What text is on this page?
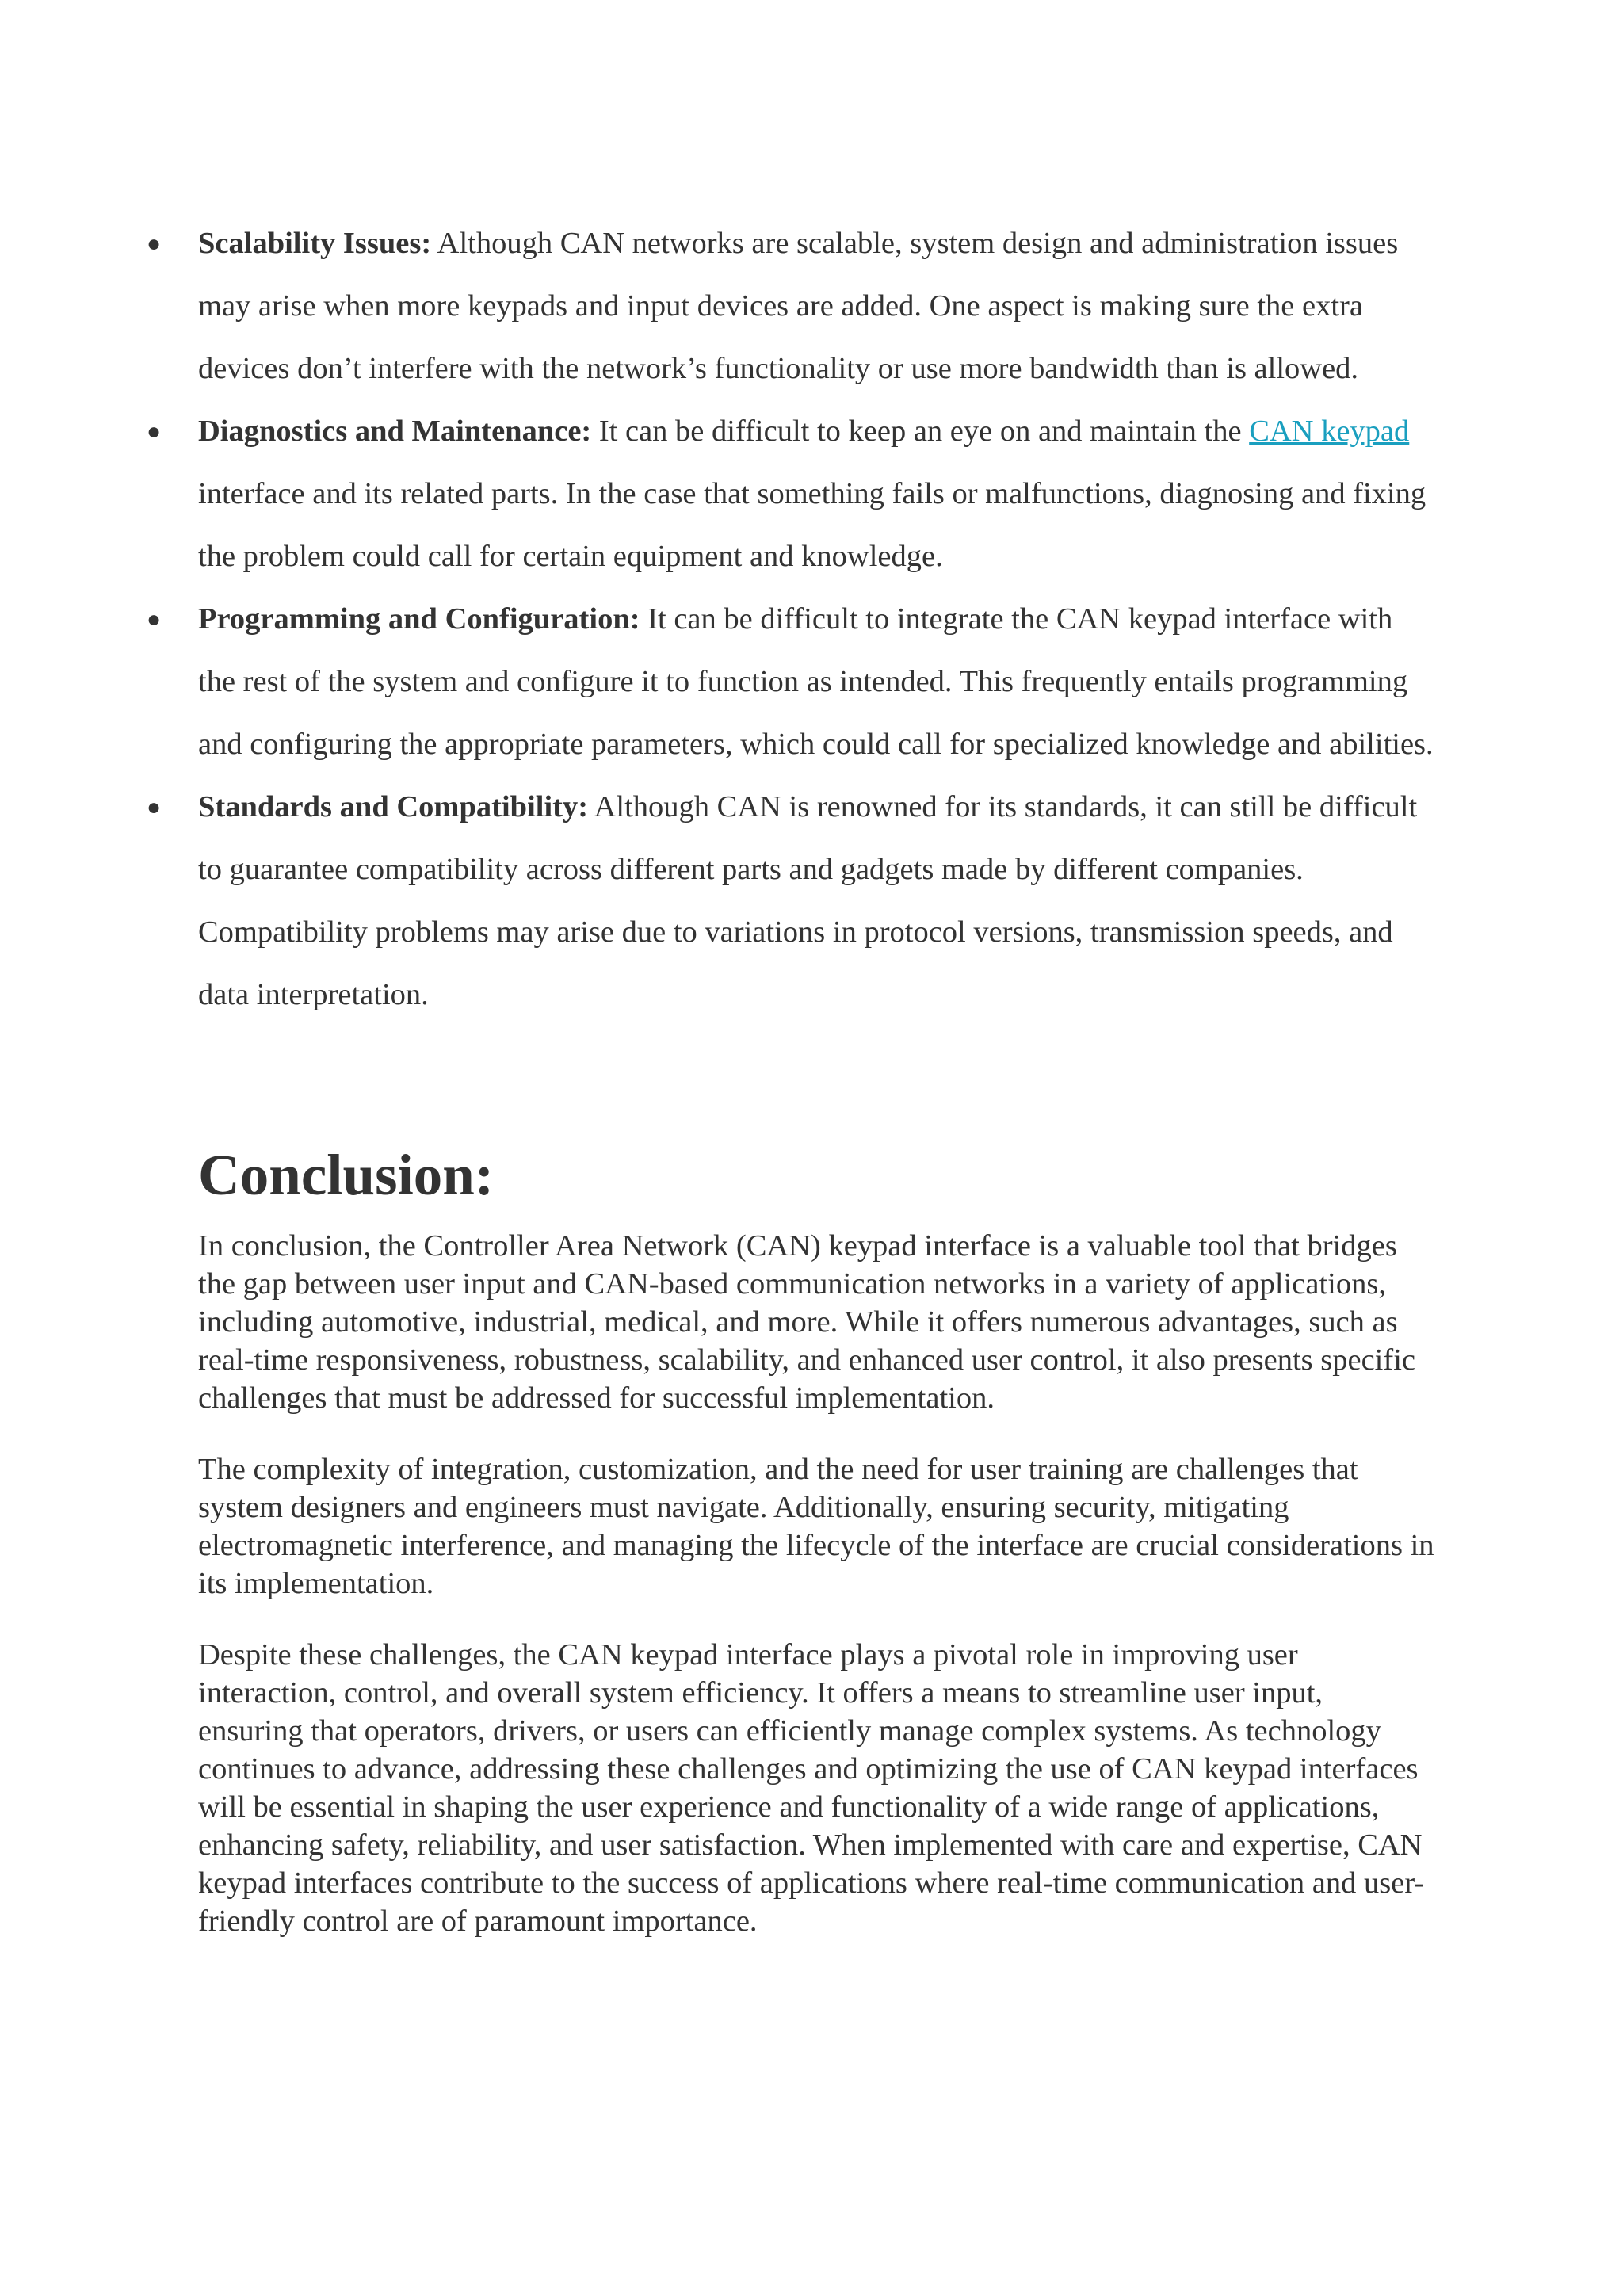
● Scalability Issues: Although CAN networks are scalable, system design and administration issues may arise when more keypads and input devices are added. One aspect is making sure the extra devices don’t interfere with the network’s functionality or use more bandwidth than is allowed.
● Diagnostics and Maintenance: It can be difficult to keep an eye on and maintain the CAN keypad interface and its related parts. In the case that something fails or malfunctions, diagnosing and fixing the problem could call for certain equipment and knowledge.
● Programming and Configuration: It can be difficult to integrate the CAN keypad interface with the rest of the system and configure it to function as intended. This frequently entails programming and configuring the appropriate parameters, which could call for specialized knowledge and abilities.
● Standards and Compatibility: Although CAN is renowned for its standards, it can still be difficult to guarantee compatibility across different parts and gadgets made by different companies. Compatibility problems may arise due to variations in protocol versions, transmission speeds, and data interpretation.
Conclusion:

In conclusion, the Controller Area Network (CAN) keypad interface is a valuable tool that bridges the gap between user input and CAN-based communication networks in a variety of applications, including automotive, industrial, medical, and more. While it offers numerous advantages, such as real-time responsiveness, robustness, scalability, and enhanced user control, it also presents specific challenges that must be addressed for successful implementation.

The complexity of integration, customization, and the need for user training are challenges that system designers and engineers must navigate. Additionally, ensuring security, mitigating electromagnetic interference, and managing the lifecycle of the interface are crucial considerations in its implementation.

Despite these challenges, the CAN keypad interface plays a pivotal role in improving user interaction, control, and overall system efficiency. It offers a means to streamline user input, ensuring that operators, drivers, or users can efficiently manage complex systems. As technology continues to advance, addressing these challenges and optimizing the use of CAN keypad interfaces will be essential in shaping the user experience and functionality of a wide range of applications, enhancing safety, reliability, and user satisfaction. When implemented with care and expertise, CAN keypad interfaces contribute to the success of applications where real-time communication and user-friendly control are of paramount importance.
